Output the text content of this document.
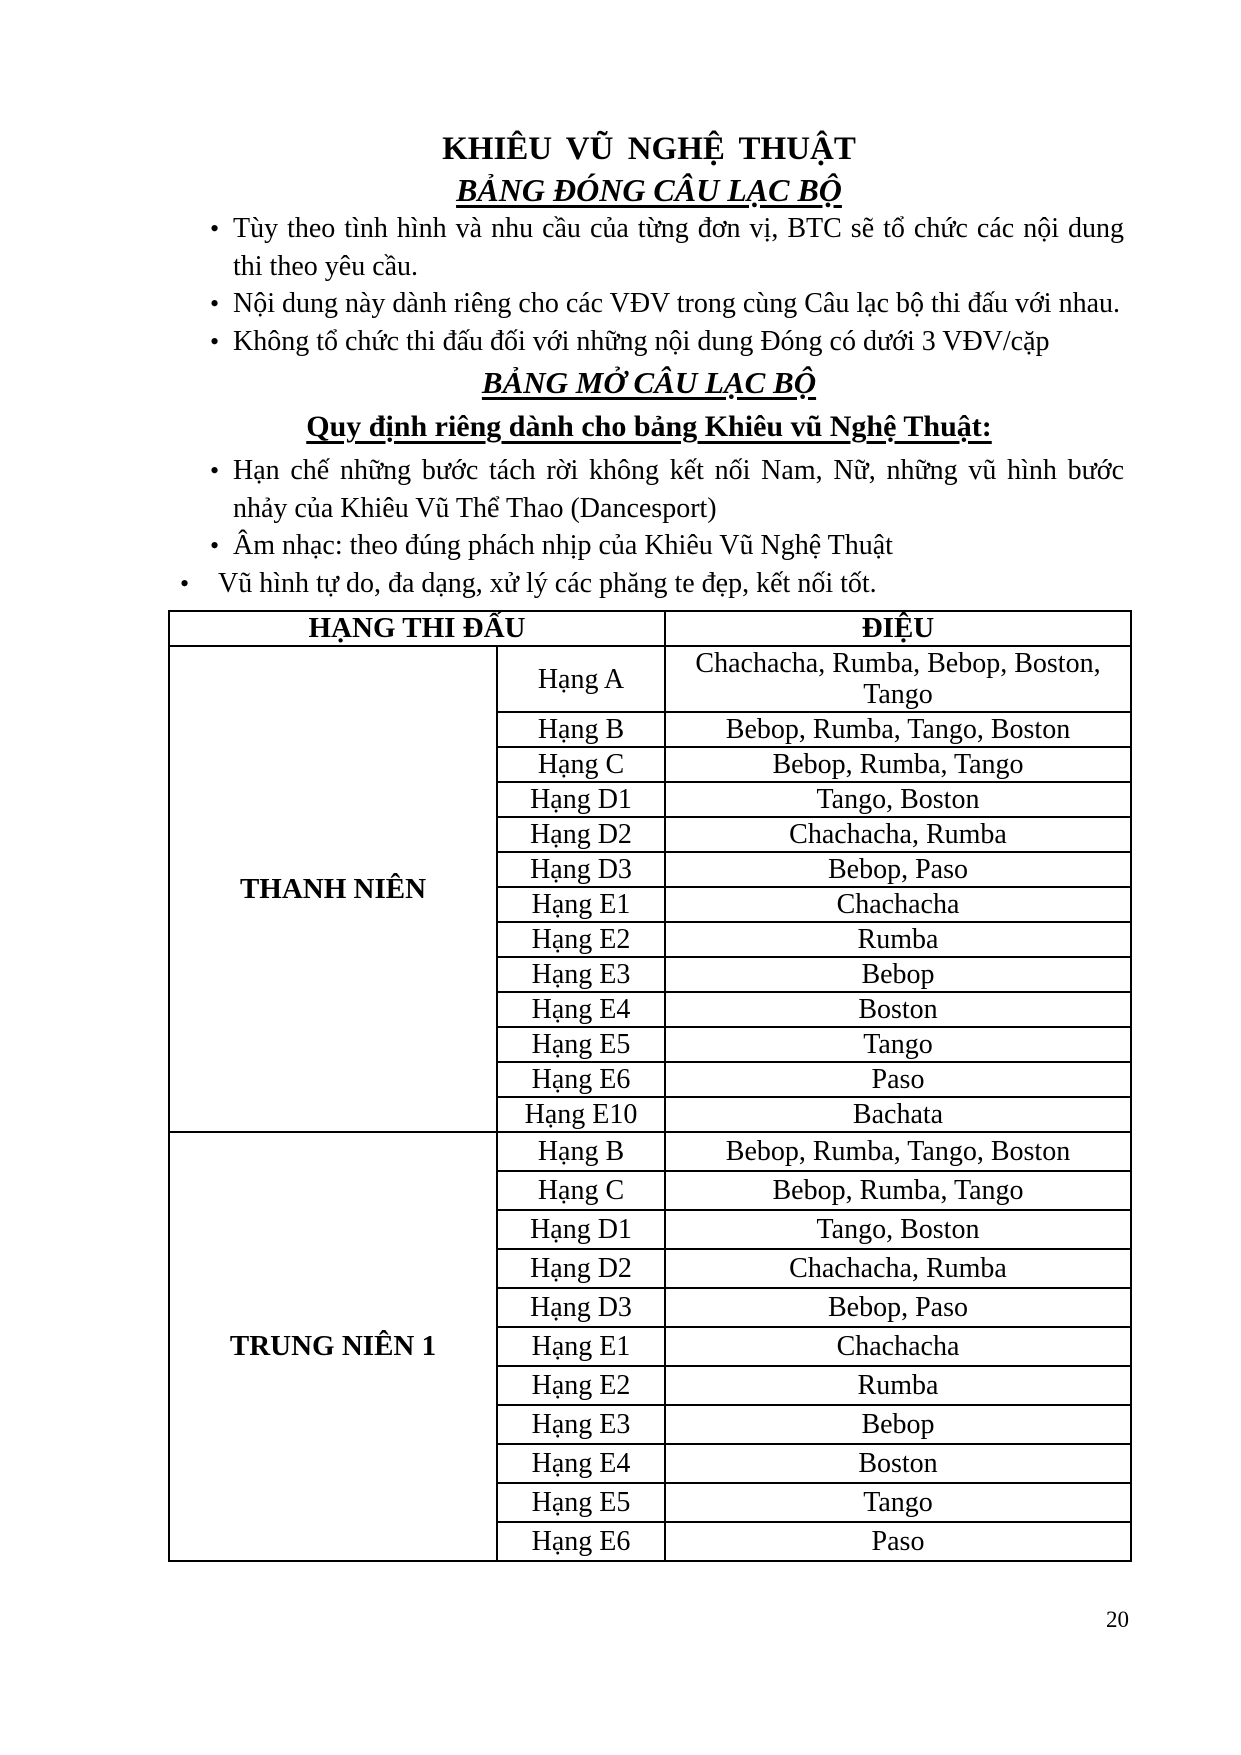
KHIÊU VŨ NGHỆ THUẬT
BẢNG ĐÓNG CÂU LẠC BỘ
• Tùy theo tình hình và nhu cầu của từng đơn vị, BTC sẽ tổ chức các nội dung thi theo yêu cầu.
• Nội dung này dành riêng cho các VĐV trong cùng Câu lạc bộ thi đấu với nhau.
• Không tổ chức thi đấu đối với những nội dung Đóng có dưới 3 VĐV/cặp
BẢNG MỞ CÂU LẠC BỘ
Quy định riêng dành cho bảng Khiêu vũ Nghệ Thuật:
• Hạn chế những bước tách rời không kết nối Nam, Nữ, những vũ hình bước nhảy của Khiêu Vũ Thể Thao (Dancesport)
• Âm nhạc: theo đúng phách nhịp của Khiêu Vũ Nghệ Thuật
•	Vũ hình tự do, đa dạng, xử lý các phăng te đẹp, kết nối tốt.
HẠNG THI ĐẤU		ĐIỆU
THANH NIÊN	Hạng A	Chachacha, Rumba, Bebop, Boston, Tango
	Hạng B	Bebop, Rumba, Tango, Boston
	Hạng C	Bebop, Rumba, Tango
	Hạng D1	Tango, Boston
	Hạng D2	Chachacha, Rumba
	Hạng D3	Bebop, Paso
	Hạng E1	Chachacha
	Hạng E2	Rumba
	Hạng E3	Bebop
	Hạng E4	Boston
	Hạng E5	Tango
	Hạng E6	Paso
	Hạng E10	Bachata
TRUNG NIÊN 1	Hạng B	Bebop, Rumba, Tango, Boston
	Hạng C	Bebop, Rumba, Tango
	Hạng D1	Tango, Boston
	Hạng D2	Chachacha, Rumba
	Hạng D3	Bebop, Paso
	Hạng E1	Chachacha
	Hạng E2	Rumba
	Hạng E3	Bebop
	Hạng E4	Boston
	Hạng E5	Tango
	Hạng E6	Paso
20
